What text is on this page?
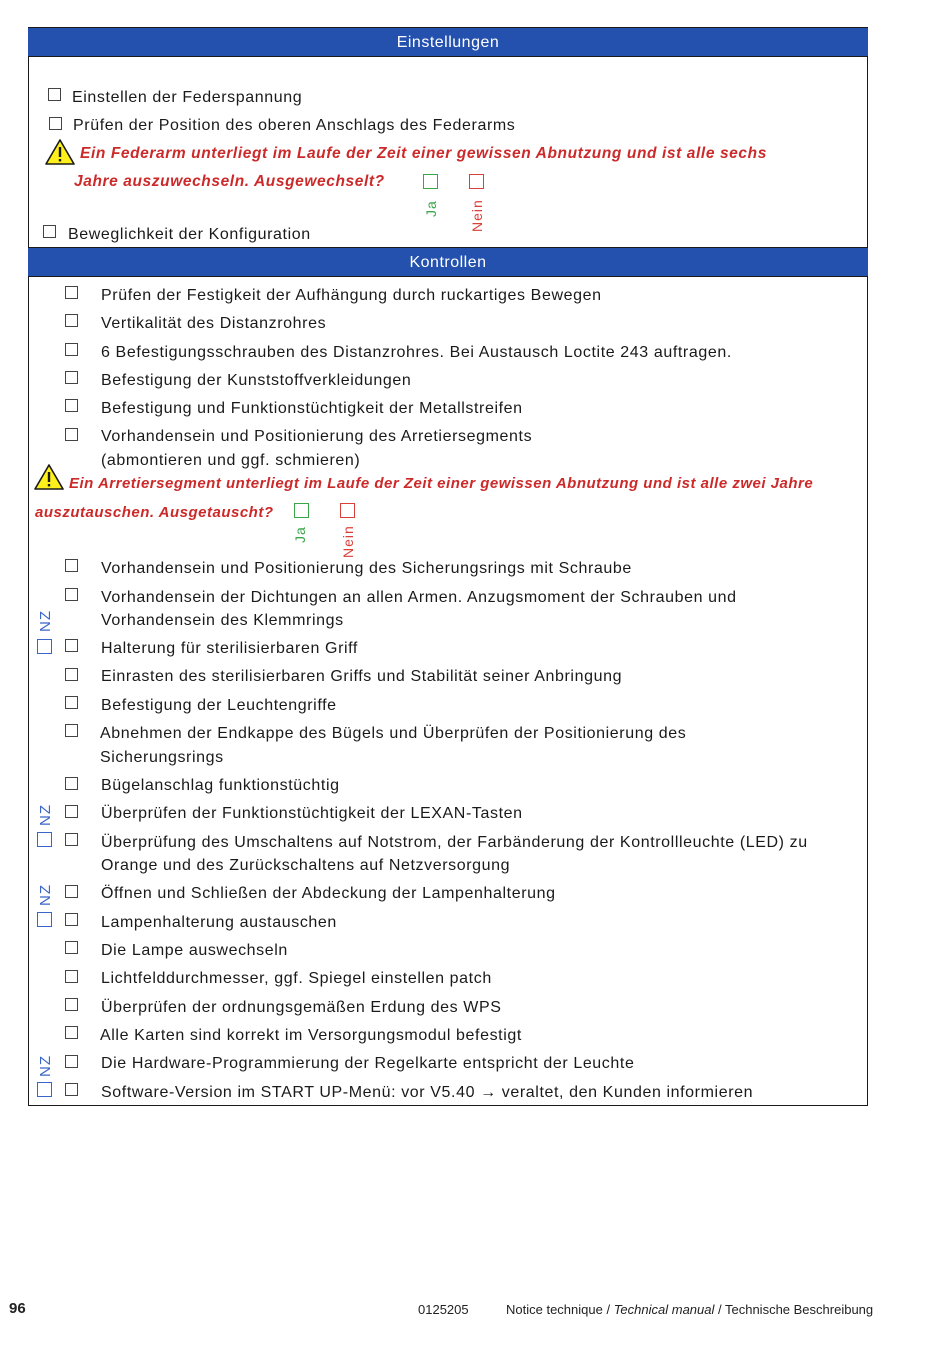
Einstellungen
Einstellen der Federspannung
Prüfen der Position des oberen Anschlags des Federarms
Ein Federarm unterliegt im Laufe der Zeit einer gewissen Abnutzung und ist alle sechs
Jahre auszuwechseln. Ausgewechselt?
Ja Nein
Beweglichkeit der Konfiguration
Kontrollen
Prüfen der Festigkeit der Aufhängung durch ruckartiges Bewegen
Vertikalität des Distanzrohres
6 Befestigungsschrauben des Distanzrohres. Bei Austausch Loctite 243 auftragen.
Befestigung der Kunststoffverkleidungen
Befestigung und Funktionstüchtigkeit der Metallstreifen
Vorhandensein und Positionierung des Arretiersegments
(abmontieren und ggf. schmieren)
Ein Arretiersegment unterliegt im Laufe der Zeit einer gewissen Abnutzung und ist alle zwei Jahre
auszutauschen. Ausgetauscht?
Ja Nein
Vorhandensein und Positionierung des Sicherungsrings mit Schraube
Vorhandensein der Dichtungen an allen Armen. Anzugsmoment der Schrauben und
Vorhandensein des Klemmrings
NZ
Halterung für sterilisierbaren Griff
Einrasten des sterilisierbaren Griffs und Stabilität seiner Anbringung
Befestigung der Leuchtengriffe
Abnehmen der Endkappe des Bügels und Überprüfen der Positionierung des
Sicherungsrings
Bügelanschlag funktionstüchtig
NZ	Überprüfen der Funktionstüchtigkeit der LEXAN-Tasten
Überprüfung des Umschaltens auf Notstrom, der Farbänderung der Kontrollleuchte (LED) zu
Orange und des Zurückschaltens auf Netzversorgung
NZ	Öffnen und Schließen der Abdeckung der Lampenhalterung
Lampenhalterung austauschen
Die Lampe auswechseln
Lichtfelddurchmesser, ggf. Spiegel einstellen patch
Überprüfen der ordnungsgemäßen Erdung des WPS
Alle Karten sind korrekt im Versorgungsmodul befestigt
NZ	Die Hardware-Programmierung der Regelkarte entspricht der Leuchte
Software-Version im START UP-Menü: vor V5.40 → veraltet, den Kunden informieren
96	0125205	Notice technique / Technical manual / Technische Beschreibung
